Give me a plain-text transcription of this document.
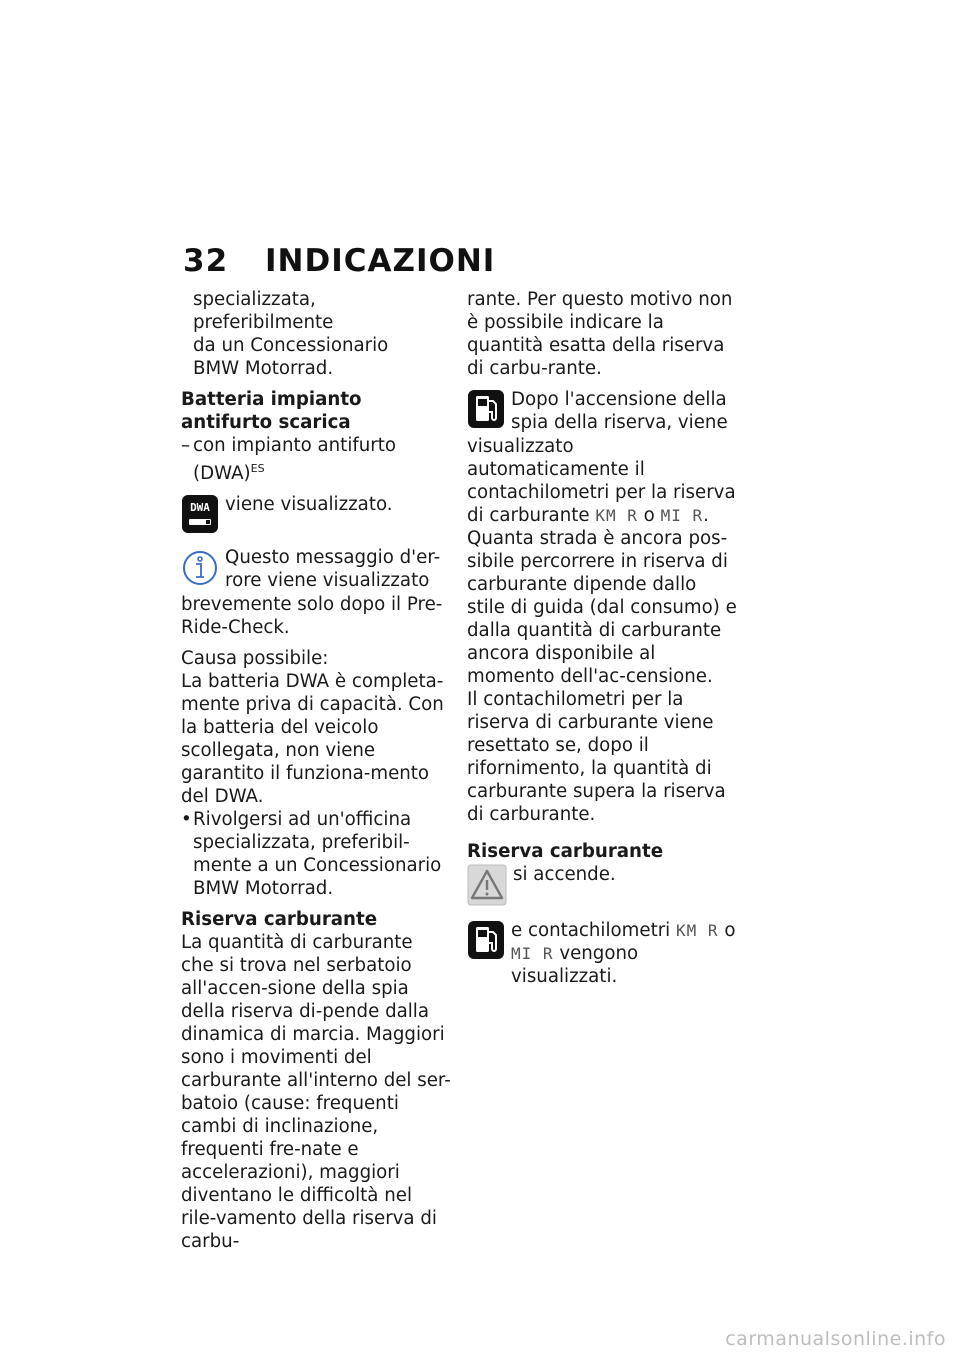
32 INDICAZIONI

specializzata, preferibilmente

da un Concessionario

BMW Motorrad.

Batteria impianto antifurto scarica

– con impianto antifurto

(DWA)$^{ES}$

DWA viene visualizzato.

Questo messaggio d'er-

rore viene visualizzato

brevemente solo dopo il Pre-Ride-Check.

Causa possibile:

La batteria DWA è completa-mente priva di capacità. Con la batteria del veicolo scollegata, non viene garantito il funziona-mento del DWA.

• Rivolgersi ad un'officina specializzata, preferibil-mente a un Concessionario BMW Motorrad.

Riserva carburante

La quantità di carburante che si trova nel serbatoio all'accen-sione della spia della riserva di-pende dalla dinamica di marcia. Maggiori sono i movimenti del carburante all'interno del ser-batoio (cause: frequenti cambi di inclinazione, frequenti fre-nate e accelerazioni), maggiori diventano le difficoltà nel rile-vamento della riserva di carbu-

rante. Per questo motivo non è possibile indicare la quantità esatta della riserva di carbu-rante.

Dopo l'accensione della

spia della riserva, viene

visualizzato automaticamente il contachilometri per la riserva di carburante KM R o MI R.

Quanta strada è ancora pos-sibile percorrere in riserva di carburante dipende dallo stile di guida (dal consumo) e dalla quantità di carburante ancora disponibile al momento dell'ac-censione.

Il contachilometri per la riserva di carburante viene resettato se, dopo il rifornimento, la quantità di carburante supera la riserva di carburante.

Riserva carburante

si accende.

e contachilometri KM R o

MI R vengono visualizzati.

carmanualsonline.info
